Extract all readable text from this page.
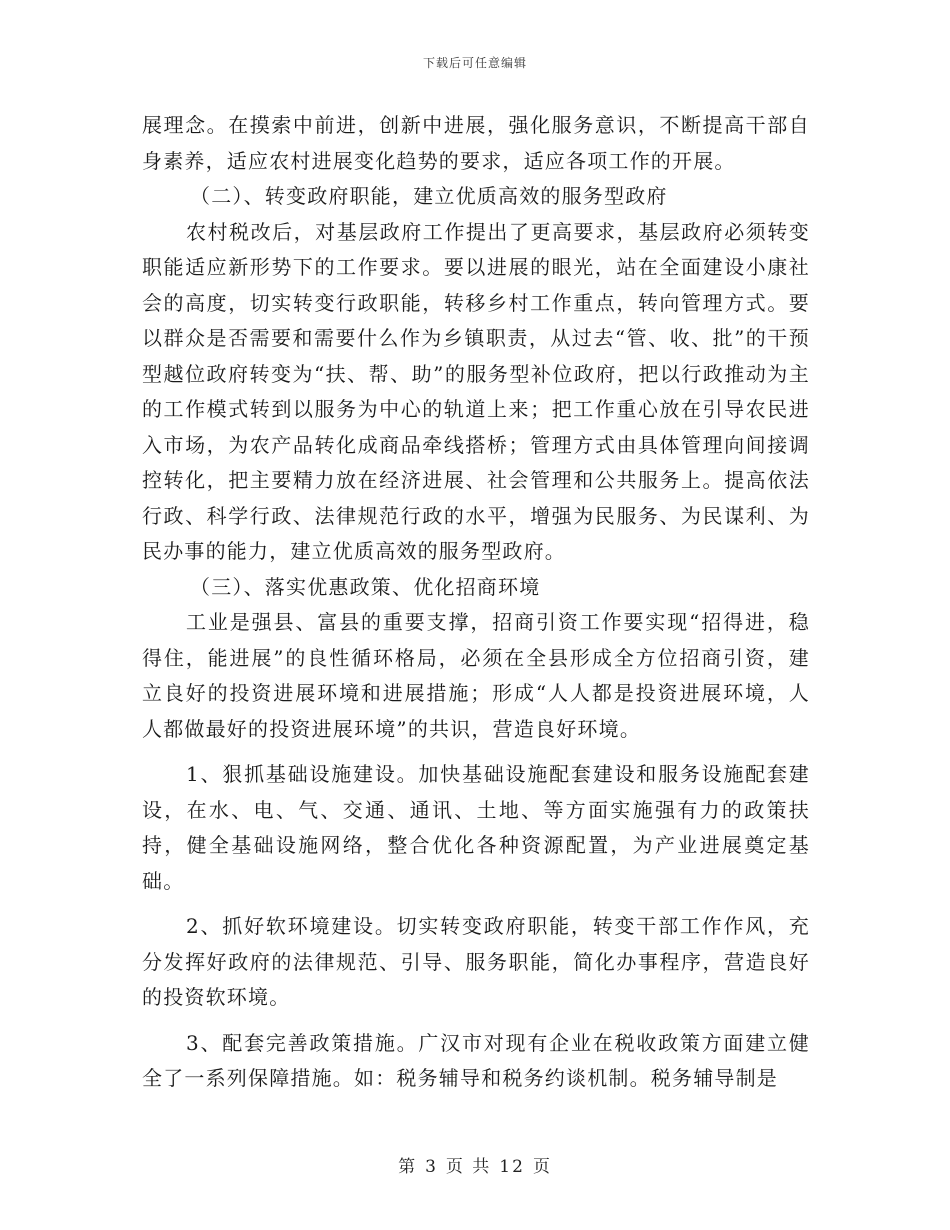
下载后可任意编辑

展理念。在摸索中前进，创新中进展，强化服务意识，不断提高干部自身素养，适应农村进展变化趋势的要求，适应各项工作的开展。

（二）、转变政府职能，建立优质高效的服务型政府

农村税改后，对基层政府工作提出了更高要求，基层政府必须转变职能适应新形势下的工作要求。要以进展的眼光，站在全面建设小康社会的高度，切实转变行政职能，转移乡村工作重点，转向管理方式。要以群众是否需要和需要什么作为乡镇职责，从过去“管、收、批”的干预型越位政府转变为“扶、帮、助”的服务型补位政府，把以行政推动为主的工作模式转到以服务为中心的轨道上来；把工作重心放在引导农民进入市场，为农产品转化成商品牵线搭桥；管理方式由具体管理向间接调控转化，把主要精力放在经济进展、社会管理和公共服务上。提高依法行政、科学行政、法律规范行政的水平，增强为民服务、为民谋利、为民办事的能力，建立优质高效的服务型政府。

（三）、落实优惠政策、优化招商环境

工业是强县、富县的重要支撑，招商引资工作要实现“招得进，稳得住，能进展”的良性循环格局，必须在全县形成全方位招商引资，建立良好的投资进展环境和进展措施；形成“人人都是投资进展环境，人人都做最好的投资进展环境”的共识，营造良好环境。

1、狠抓基础设施建设。加快基础设施配套建设和服务设施配套建设，在水、电、气、交通、通讯、土地、等方面实施强有力的政策扶持，健全基础设施网络，整合优化各种资源配置，为产业进展奠定基础。

2、抓好软环境建设。切实转变政府职能，转变干部工作作风，充分发挥好政府的法律规范、引导、服务职能，简化办事程序，营造良好的投资软环境。

3、配套完善政策措施。广汉市对现有企业在税收政策方面建立健全了一系列保障措施。如：税务辅导和税务约谈机制。税务辅导制是

第 3 页 共 12 页
